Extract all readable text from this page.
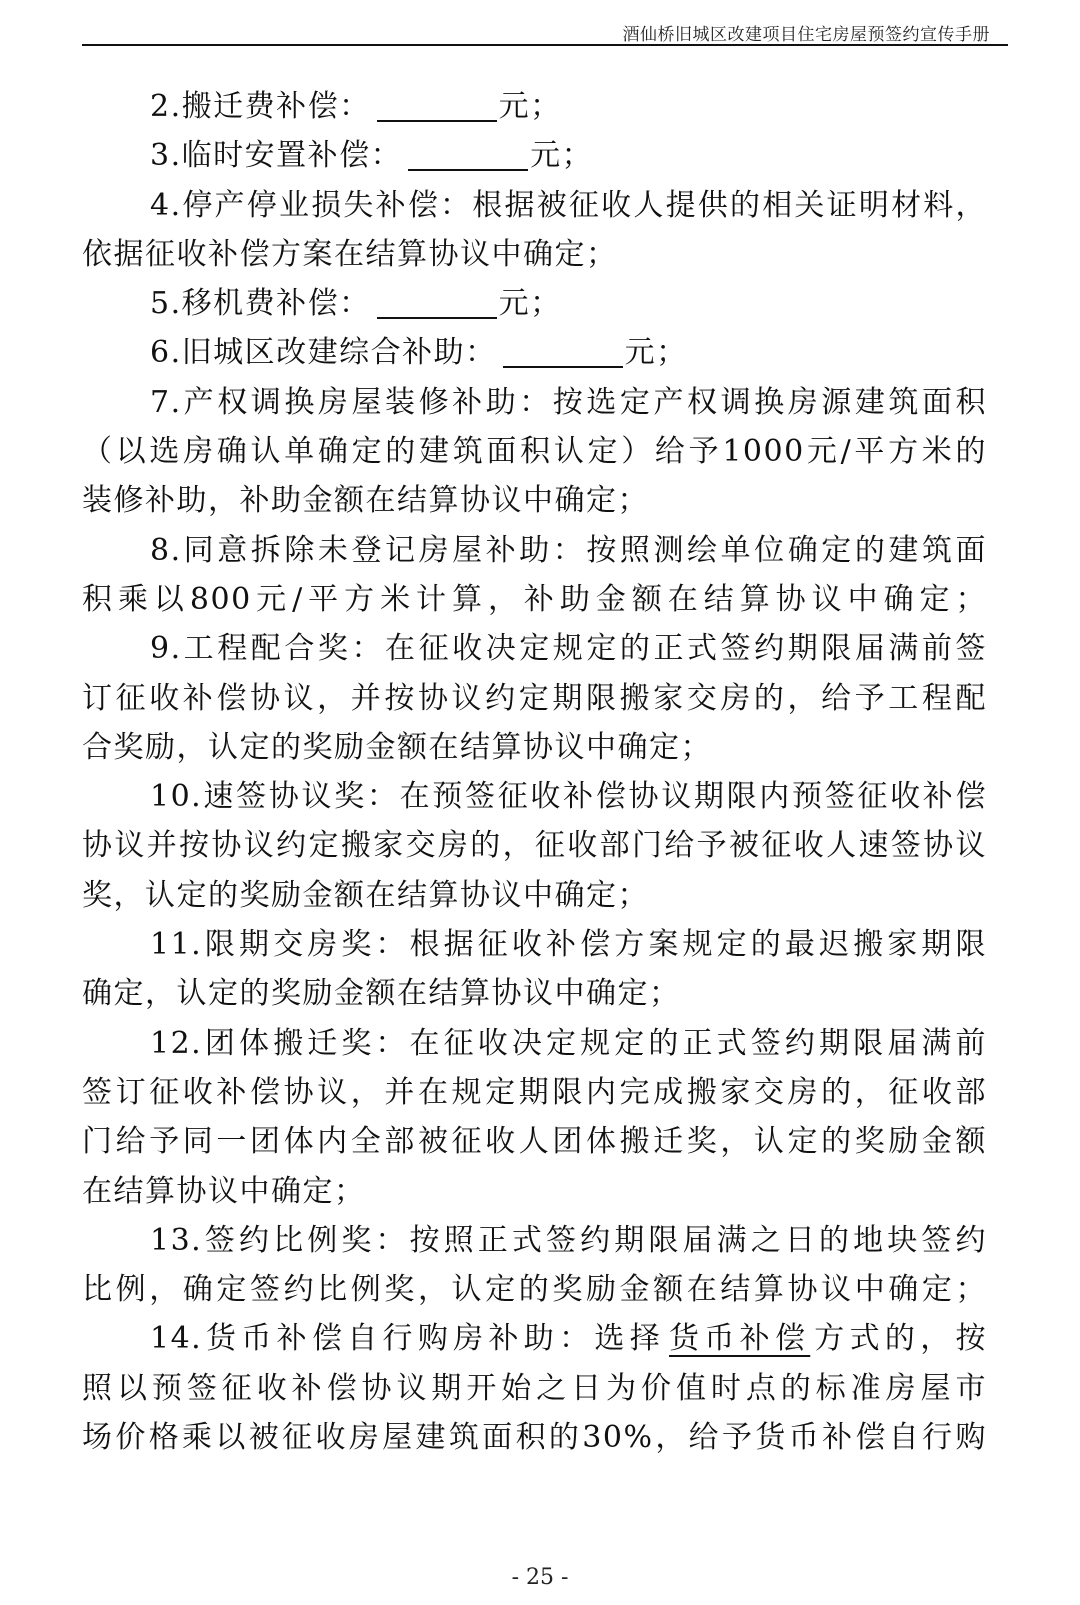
酒仙桥旧城区改建项目住宅房屋预签约宣传手册
2.搬迁费补偿：	元；
3.临时安置补偿：	元；
4.停产停业损失补偿：根据被征收人提供的相关证明材料，
依据征收补偿方案在结算协议中确定；
5.移机费补偿：	元；
6.旧城区改建综合补助：	元；
7.产权调换房屋装修补助：按选定产权调换房源建筑面积
（以选房确认单确定的建筑面积认定）给予1000元/平方米的
装修补助，补助金额在结算协议中确定；
8.同意拆除未登记房屋补助：按照测绘单位确定的建筑面
积乘以800元/平方米计算，补助金额在结算协议中确定；
9.工程配合奖：在征收决定规定的正式签约期限届满前签
订征收补偿协议，并按协议约定期限搬家交房的，给予工程配
合奖励，认定的奖励金额在结算协议中确定；
10.速签协议奖：在预签征收补偿协议期限内预签征收补偿
协议并按协议约定搬家交房的，征收部门给予被征收人速签协议
奖，认定的奖励金额在结算协议中确定；
11.限期交房奖：根据征收补偿方案规定的最迟搬家期限
确定，认定的奖励金额在结算协议中确定；
12.团体搬迁奖：在征收决定规定的正式签约期限届满前
签订征收补偿协议，并在规定期限内完成搬家交房的，征收部
门给予同一团体内全部被征收人团体搬迁奖，认定的奖励金额
在结算协议中确定；
13.签约比例奖：按照正式签约期限届满之日的地块签约
比例，确定签约比例奖，认定的奖励金额在结算协议中确定；
14.货币补偿自行购房补助：选择 货币补偿 方式的，按
照以预签征收补偿协议期开始之日为价值时点的标准房屋市
场价格乘以被征收房屋建筑面积的30%，给予货币补偿自行购
- 25 -
